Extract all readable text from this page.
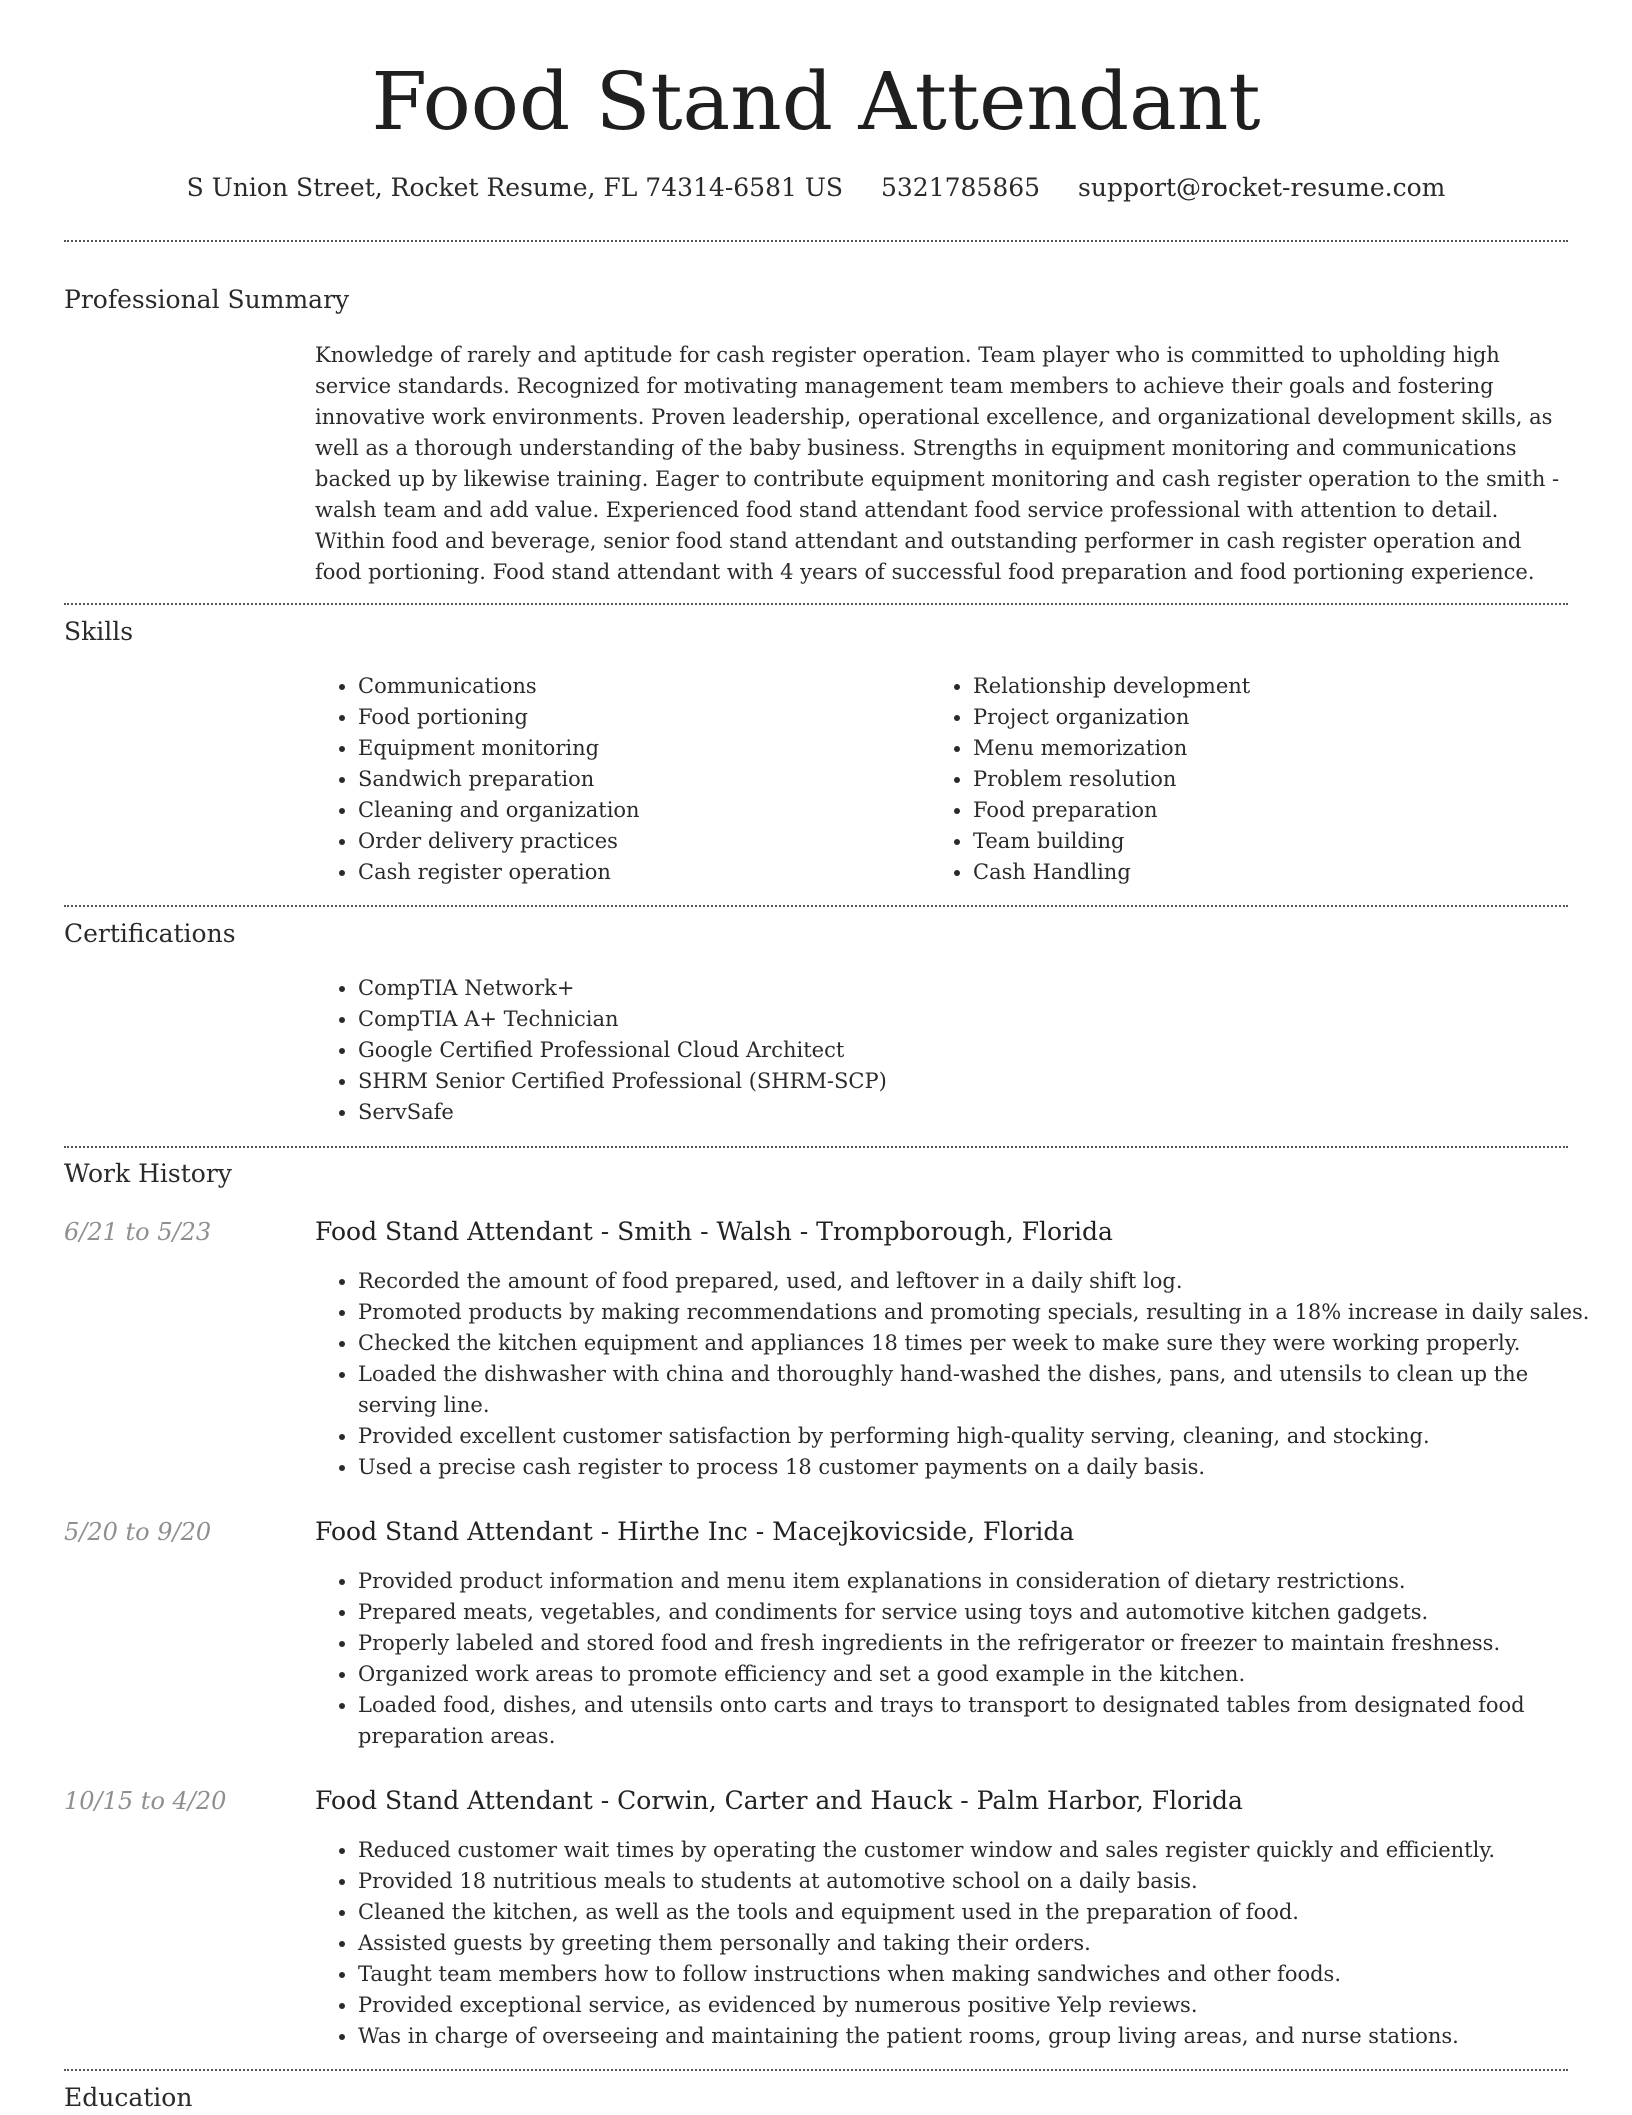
Food Stand Attendant
S Union Street, Rocket Resume, FL 74314-6581 US 5321785865 support@rocket-resume.com
Professional Summary

Knowledge of rarely and aptitude for cash register operation. Team player who is committed to upholding high service standards. Recognized for motivating management team members to achieve their goals and fostering innovative work environments. Proven leadership, operational excellence, and organizational development skills, as well as a thorough understanding of the baby business. Strengths in equipment monitoring and communications backed up by likewise training. Eager to contribute equipment monitoring and cash register operation to the smith - walsh team and add value. Experienced food stand attendant food service professional with attention to detail. Within food and beverage, senior food stand attendant and outstanding performer in cash register operation and food portioning. Food stand attendant with 4 years of successful food preparation and food portioning experience.

Skills
• Communications
• Food portioning
• Equipment monitoring
• Sandwich preparation
• Cleaning and organization
• Order delivery practices
• Cash register operation
• Relationship development
• Project organization
• Menu memorization
• Problem resolution
• Food preparation
• Team building
• Cash Handling
Certifications
• CompTIA Network+
• CompTIA A+ Technician
• Google Certified Professional Cloud Architect
• SHRM Senior Certified Professional (SHRM-SCP)
• ServSafe
Work History
6/21 to 5/23	Food Stand Attendant - Smith - Walsh - Trompborough, Florida
• Recorded the amount of food prepared, used, and leftover in a daily shift log.
• Promoted products by making recommendations and promoting specials, resulting in a 18% increase in daily sales.
• Checked the kitchen equipment and appliances 18 times per week to make sure they were working properly.
• Loaded the dishwasher with china and thoroughly hand-washed the dishes, pans, and utensils to clean up the serving line.
• Provided excellent customer satisfaction by performing high-quality serving, cleaning, and stocking.
• Used a precise cash register to process 18 customer payments on a daily basis.
5/20 to 9/20	Food Stand Attendant - Hirthe Inc - Macejkovicside, Florida
• Provided product information and menu item explanations in consideration of dietary restrictions.
• Prepared meats, vegetables, and condiments for service using toys and automotive kitchen gadgets.
• Properly labeled and stored food and fresh ingredients in the refrigerator or freezer to maintain freshness.
• Organized work areas to promote efficiency and set a good example in the kitchen.
• Loaded food, dishes, and utensils onto carts and trays to transport to designated tables from designated food preparation areas.
10/15 to 4/20	Food Stand Attendant - Corwin, Carter and Hauck - Palm Harbor, Florida
• Reduced customer wait times by operating the customer window and sales register quickly and efficiently.
• Provided 18 nutritious meals to students at automotive school on a daily basis.
• Cleaned the kitchen, as well as the tools and equipment used in the preparation of food.
• Assisted guests by greeting them personally and taking their orders.
• Taught team members how to follow instructions when making sandwiches and other foods.
• Provided exceptional service, as evidenced by numerous positive Yelp reviews.
• Was in charge of overseeing and maintaining the patient rooms, group living areas, and nurse stations.
Education
